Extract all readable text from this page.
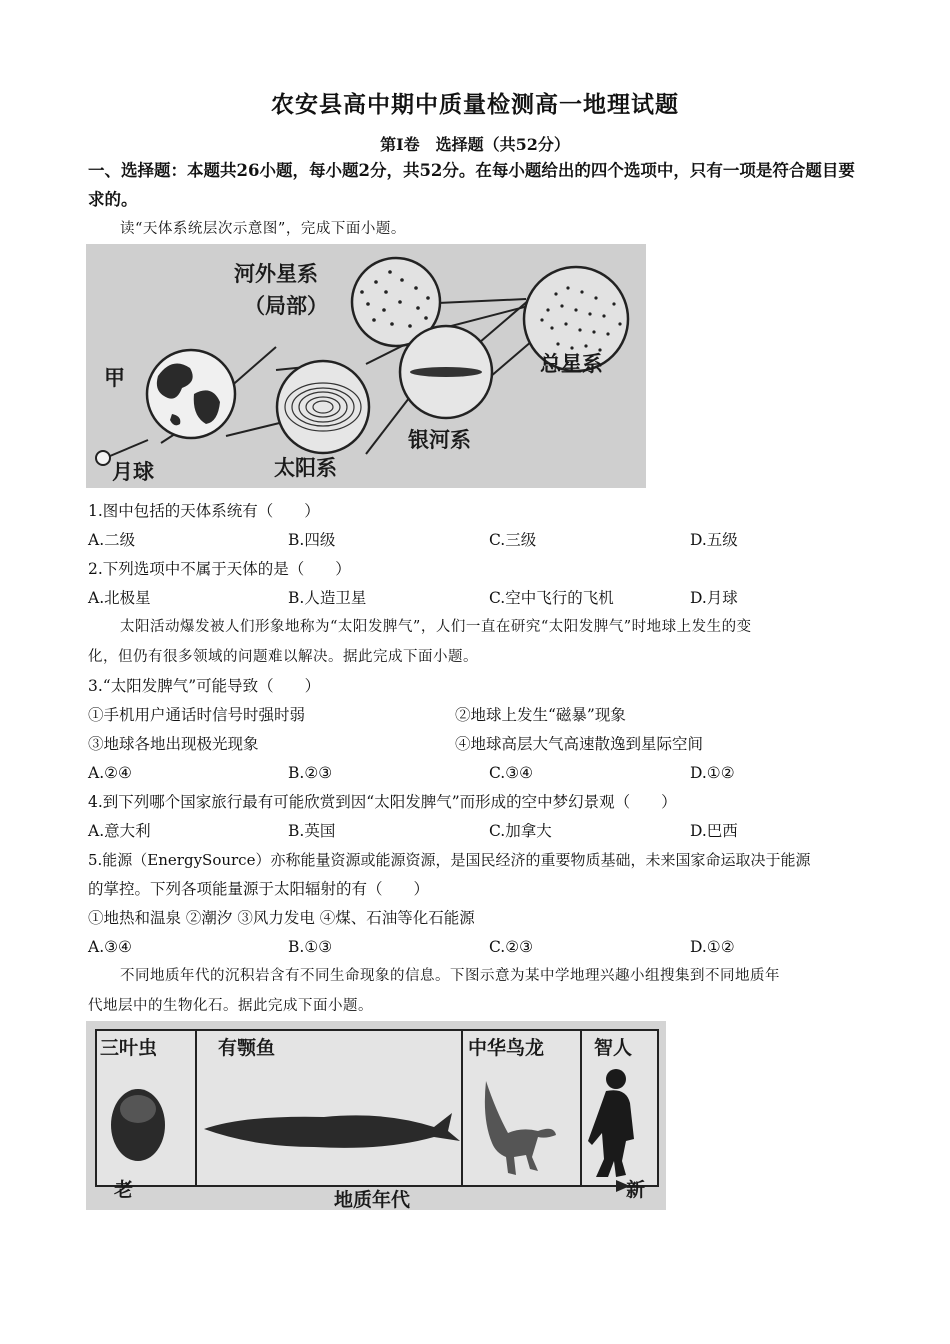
农安县高中期中质量检测高一地理试题
第Ⅰ卷　选择题（共52分）
一、选择题：本题共26小题，每小题2分，共52分。在每小题给出的四个选项中，只有一项是符合题目要求的。
读“天体系统层次示意图”，完成下面小题。
河外星系
（局部）
甲
月球	太阳系
银河系
总星系
1.图中包括的天体系统有（　　）
A.二级	B.四级	C.三级	D.五级
2.下列选项中不属于天体的是（　　）
A.北极星	B.人造卫星	C.空中飞行的飞机	D.月球
太阳活动爆发被人们形象地称为“太阳发脾气”，人们一直在研究“太阳发脾气”时地球上发生的变
化，但仍有很多领域的问题难以解决。据此完成下面小题。
3.“太阳发脾气”可能导致（　　）
①手机用户通话时信号时强时弱	②地球上发生“磁暴”现象
③地球各地出现极光现象	④地球高层大气高速散逸到星际空间
A.②④	B.②③	C.③④	D.①②
4.到下列哪个国家旅行最有可能欣赏到因“太阳发脾气”而形成的空中梦幻景观（　　）
A.意大利	B.英国	C.加拿大	D.巴西
5.能源（EnergySource）亦称能量资源或能源资源，是国民经济的重要物质基础，未来国家命运取决于能源
的掌控。下列各项能量源于太阳辐射的有（　　）
①地热和温泉 ②潮汐 ③风力发电 ④煤、石油等化石能源
A.③④	B.①③	C.②③	D.①②
不同地质年代的沉积岩含有不同生命现象的信息。下图示意为某中学地理兴趣小组搜集到不同地质年
代地层中的生物化石。据此完成下面小题。
三叶虫	有颚鱼	中华鸟龙	智人
老	新
地质年代
